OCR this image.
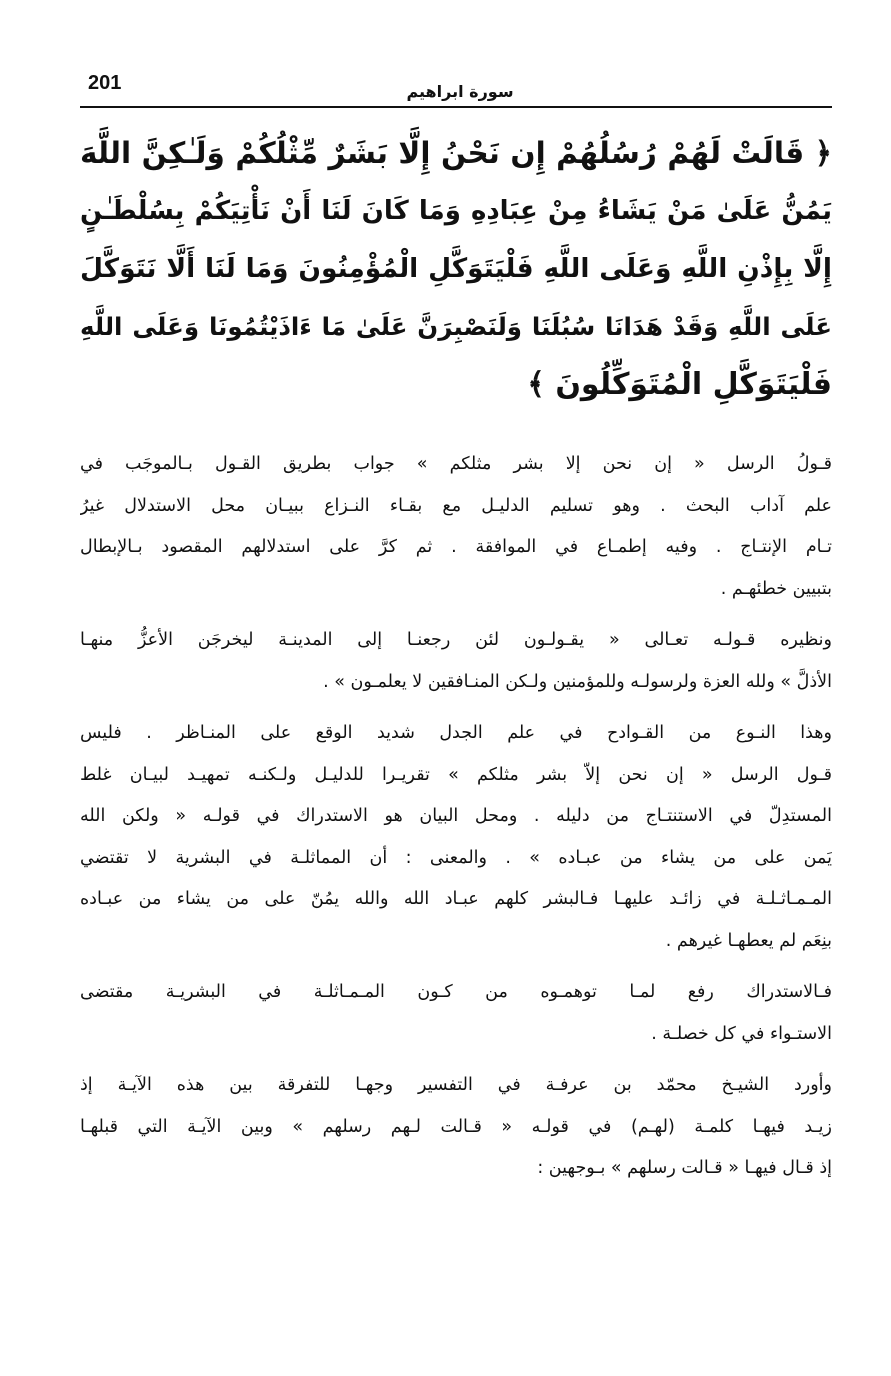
201	سورة ابراهيم
﴿ قَالَتْ لَهُمْ رُسُلُهُمْ إِن نَحْنُ إِلَّا بَشَرٌ مِّثْلُكُمْ وَلَـٰكِنَّ اللَّهَ
يَمُنُّ عَلَىٰ مَنْ يَشَاءُ مِنْ عِبَادِهِ وَمَا كَانَ لَنَا أَنْ نَأْتِيَكُمْ بِسُلْطَـٰنٍ
إِلَّا بِإِذْنِ اللَّهِ وَعَلَى اللَّهِ فَلْيَتَوَكَّلِ الْمُؤْمِنُونَ وَمَا لَنَا أَلَّا نَتَوَكَّلَ
عَلَى اللَّهِ وَقَدْ هَدَانَا سُبُلَنَا وَلَنَصْبِرَنَّ عَلَىٰ مَا ءَاذَيْتُمُونَا وَعَلَى اللَّهِ
فَلْيَتَوَكَّلِ الْمُتَوَكِّلُونَ ﴾
قـولُ الرسل « إن نحن إلا بشر مثلكم » جواب بطريق القـول بـالموجَب في
علم آداب البحث . وهو تسليم الدليـل مع بقـاء النـزاع ببيـان محل الاستدلال غيرُ
تـام الإنتـاج . وفيه إطمـاع في الموافقة . ثم كرَّ على استدلالهم المقصود بـالإبطال
بتبيين خطئهـم .
ونظيره قـولـه تعـالى « يقـولـون لئن رجعنـا إلى المدينـة ليخرجَن الأعزُّ منهـا
الأذلَّ » ولله العزة ولرسولـه وللمؤمنين ولـكن المنـافقين لا يعلمـون » .
وهذا النـوع من القـوادح في علم الجدل شديد الوقع على المنـاظر . فليس
قـول الرسل « إن نحن إلاّ بشر مثلكم » تقريـرا للدليـل ولـكنـه تمهيـد لبيـان غلط
المستدِلّ في الاستنتـاج من دليله . ومحل البيان هو الاستدراك في قولـه « ولكن الله
يَمن على من يشاء من عبـاده » . والمعنى : أن المماثلـة في البشرية لا تقتضي
المـمـاثـلـة في زائـد عليهـا فـالبشر كلهم عبـاد الله والله يمُنّ على من يشاء من عبـاده
بنِعَم لم يعطهـا غيرهم .
فـالاستدراك رفع لمـا توهمـوه من كـون المـمـاثلـة في البشريـة مقتضى
الاستـواء في كل خصلـة .
وأورد الشيـخ محمّد بن عرفـة في التفسير وجهـا للتفرقة بين هذه الآيـة إذ
زيـد فيهـا كلمـة (لهـم) في قولـه « قـالت لـهم رسلهم » وبين الآيـة التي قبلهـا
إذ قـال فيهـا « قـالت رسلهم » بـوجهين :
